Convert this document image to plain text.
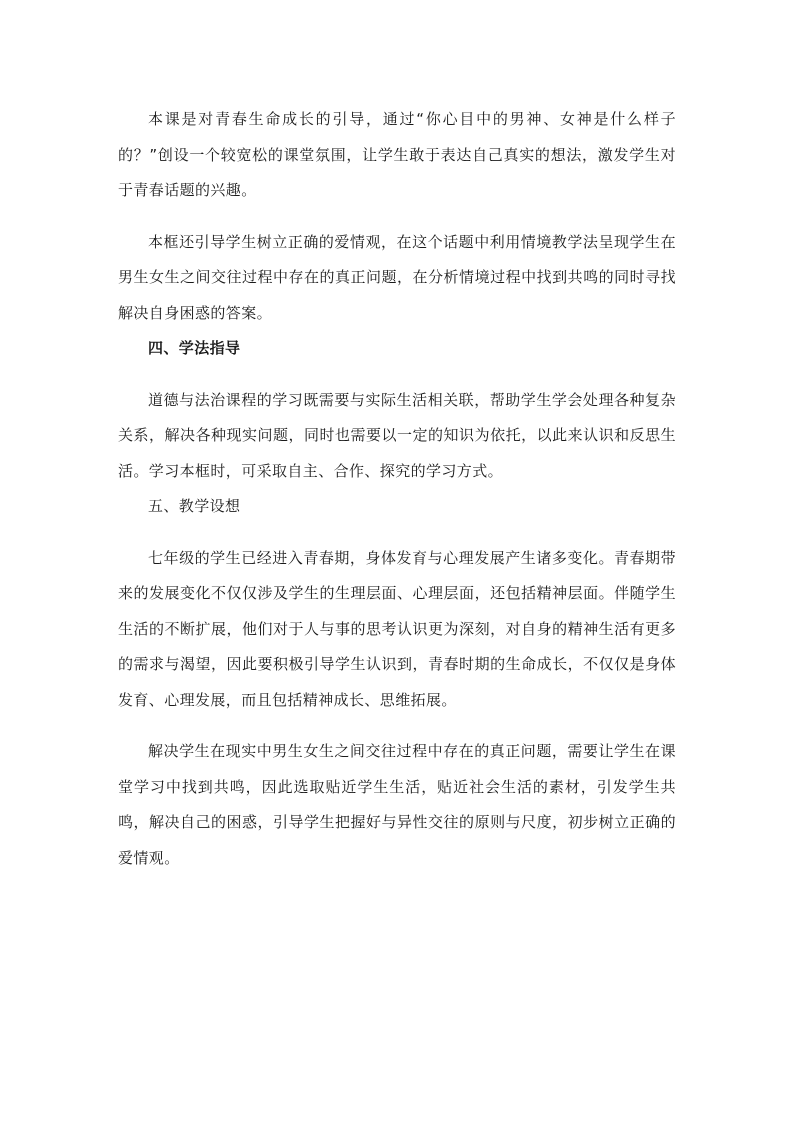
本课是对青春生命成长的引导，通过“你心目中的男神、女神是什么样子的？”创设一个较宽松的课堂氛围，让学生敢于表达自己真实的想法，激发学生对于青春话题的兴趣。

本框还引导学生树立正确的爱情观，在这个话题中利用情境教学法呈现学生在男生女生之间交往过程中存在的真正问题，在分析情境过程中找到共鸣的同时寻找解决自身困惑的答案。

四、学法指导

道德与法治课程的学习既需要与实际生活相关联，帮助学生学会处理各种复杂关系，解决各种现实问题，同时也需要以一定的知识为依托，以此来认识和反思生活。学习本框时，可采取自主、合作、探究的学习方式。

五、教学设想

七年级的学生已经进入青春期，身体发育与心理发展产生诸多变化。青春期带来的发展变化不仅仅涉及学生的生理层面、心理层面，还包括精神层面。伴随学生生活的不断扩展，他们对于人与事的思考认识更为深刻，对自身的精神生活有更多的需求与渴望，因此要积极引导学生认识到，青春时期的生命成长，不仅仅是身体发育、心理发展，而且包括精神成长、思维拓展。

解决学生在现实中男生女生之间交往过程中存在的真正问题，需要让学生在课堂学习中找到共鸣，因此选取贴近学生生活，贴近社会生活的素材，引发学生共鸣，解决自己的困惑，引导学生把握好与异性交往的原则与尺度，初步树立正确的爱情观。
